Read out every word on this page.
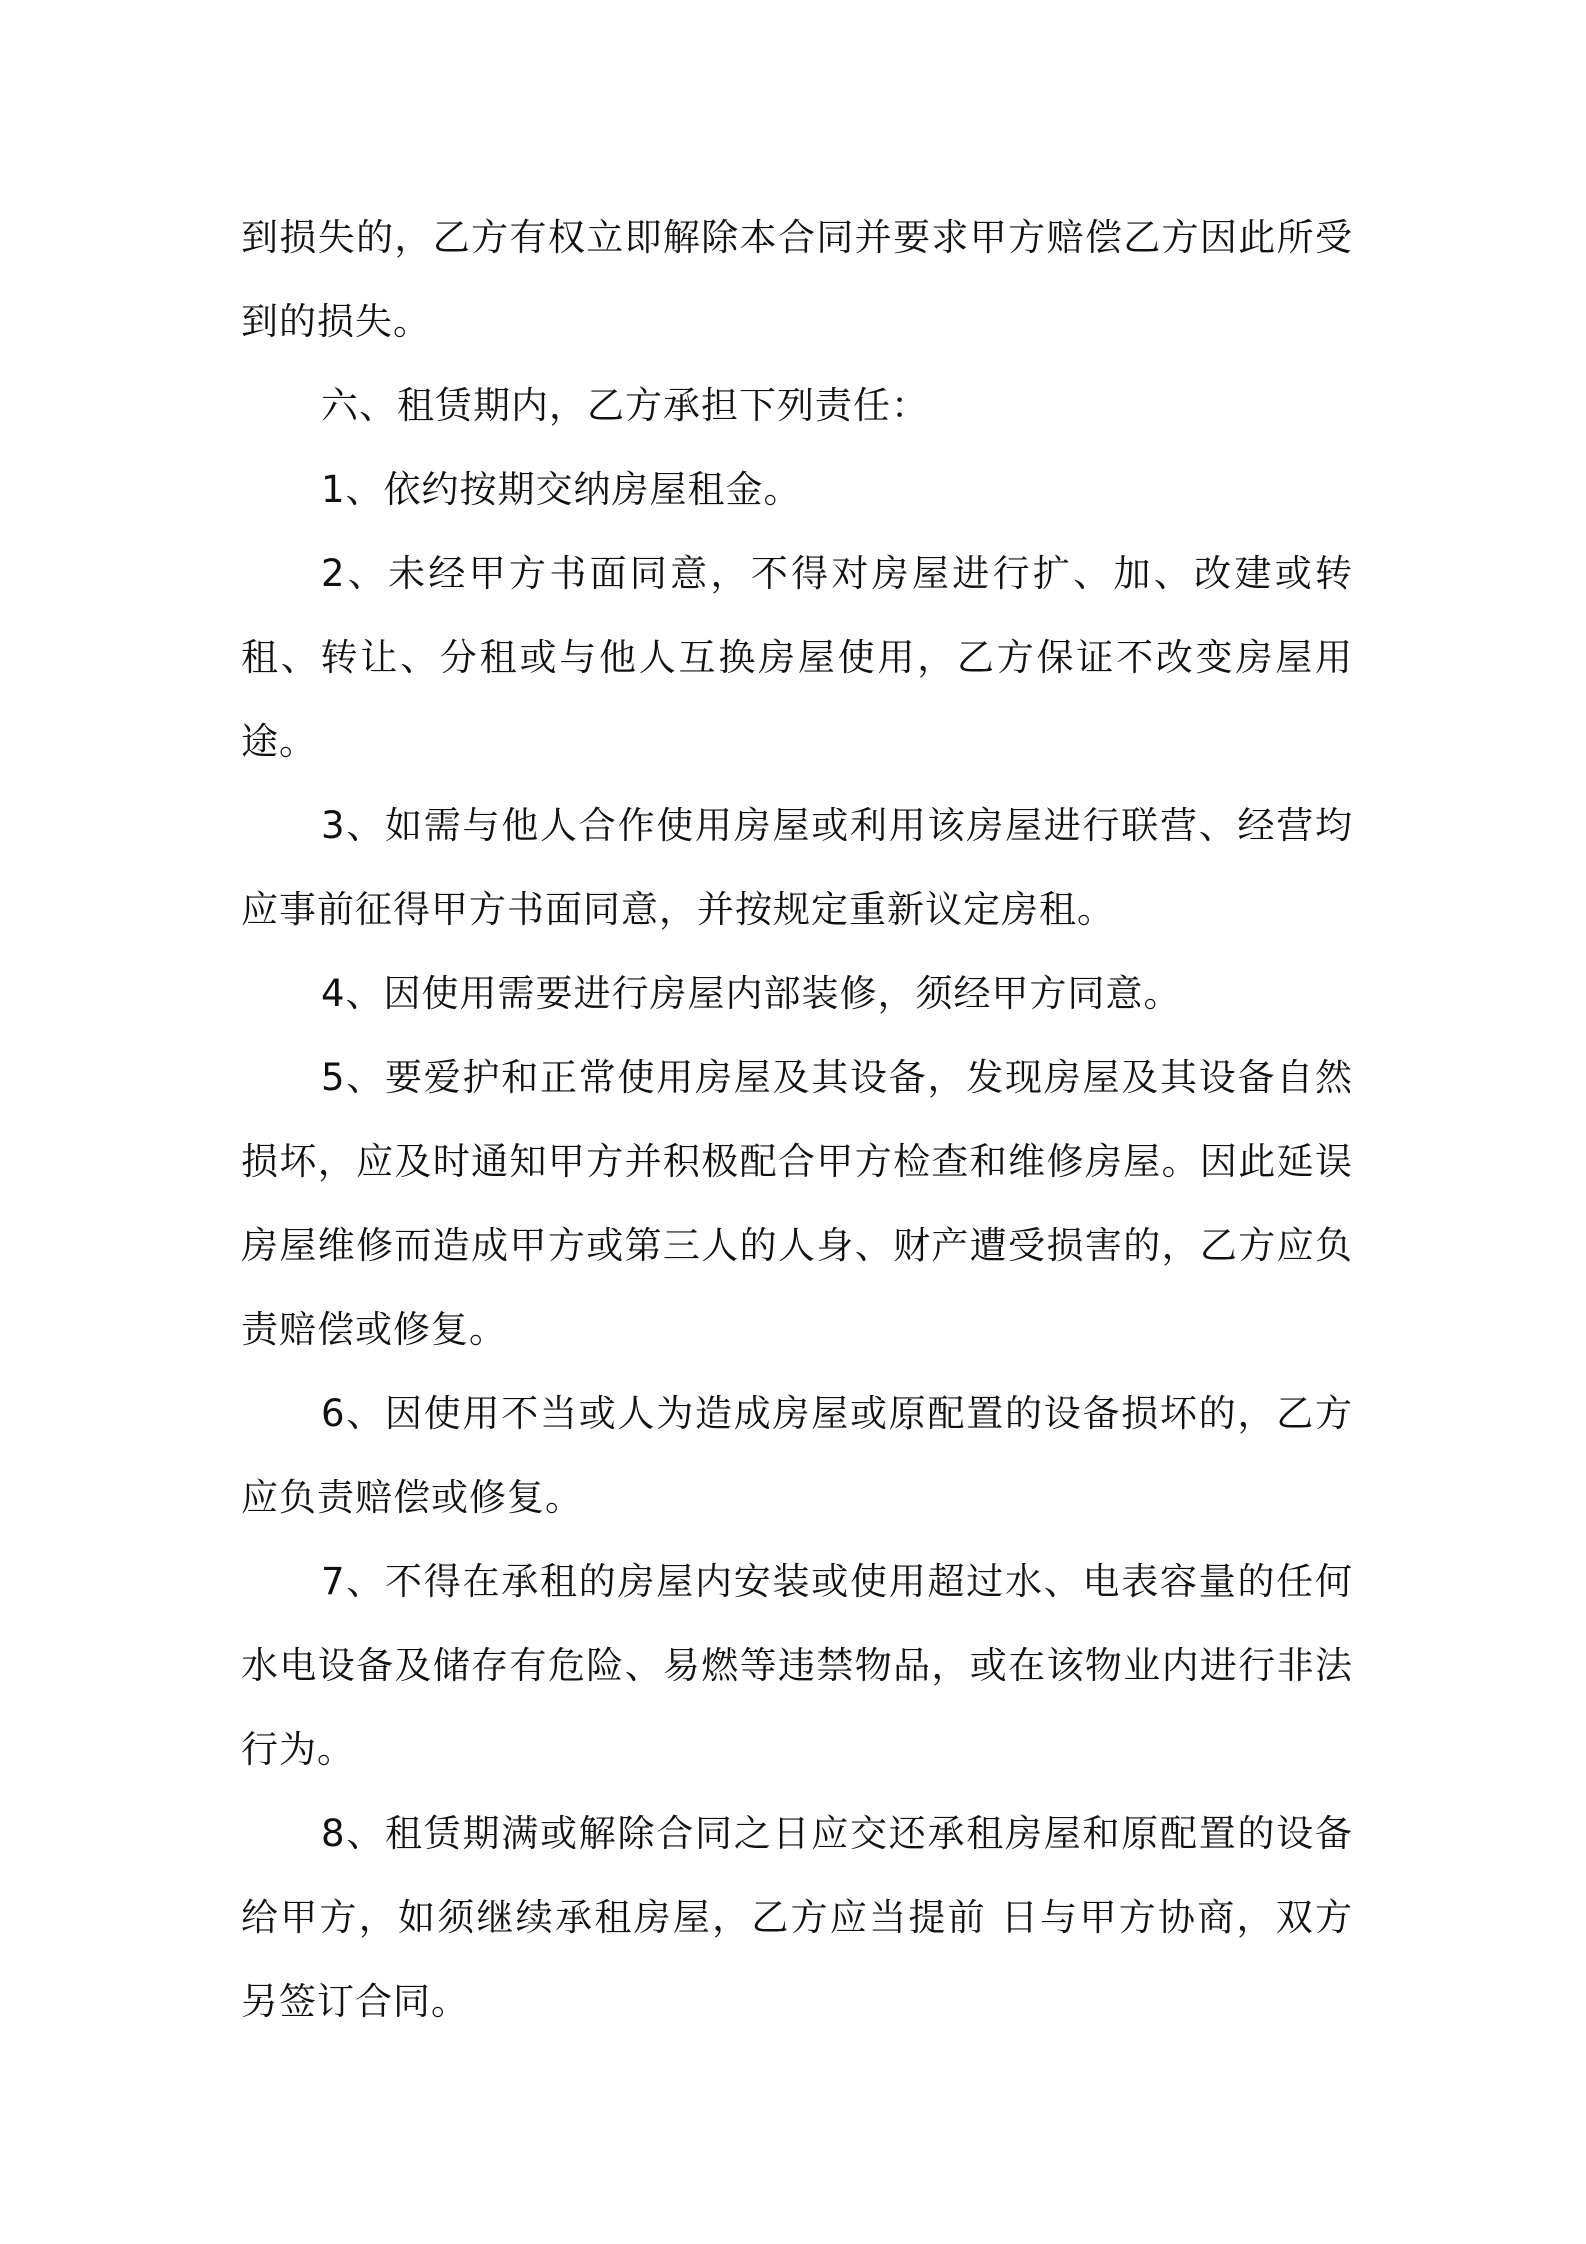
到损失的，乙方有权立即解除本合同并要求甲方赔偿乙方因此所受到的损失。

六、租赁期内，乙方承担下列责任：

1、依约按期交纳房屋租金。

2、未经甲方书面同意，不得对房屋进行扩、加、改建或转租、转让、分租或与他人互换房屋使用，乙方保证不改变房屋用途。

3、如需与他人合作使用房屋或利用该房屋进行联营、经营均应事前征得甲方书面同意，并按规定重新议定房租。

4、因使用需要进行房屋内部装修，须经甲方同意。

5、要爱护和正常使用房屋及其设备，发现房屋及其设备自然损坏，应及时通知甲方并积极配合甲方检查和维修房屋。因此延误房屋维修而造成甲方或第三人的人身、财产遭受损害的，乙方应负责赔偿或修复。

6、因使用不当或人为造成房屋或原配置的设备损坏的，乙方应负责赔偿或修复。

7、不得在承租的房屋内安装或使用超过水、电表容量的任何水电设备及储存有危险、易燃等违禁物品，或在该物业内进行非法行为。

8、租赁期满或解除合同之日应交还承租房屋和原配置的设备给甲方，如须继续承租房屋，乙方应当提前 日与甲方协商，双方另签订合同。
